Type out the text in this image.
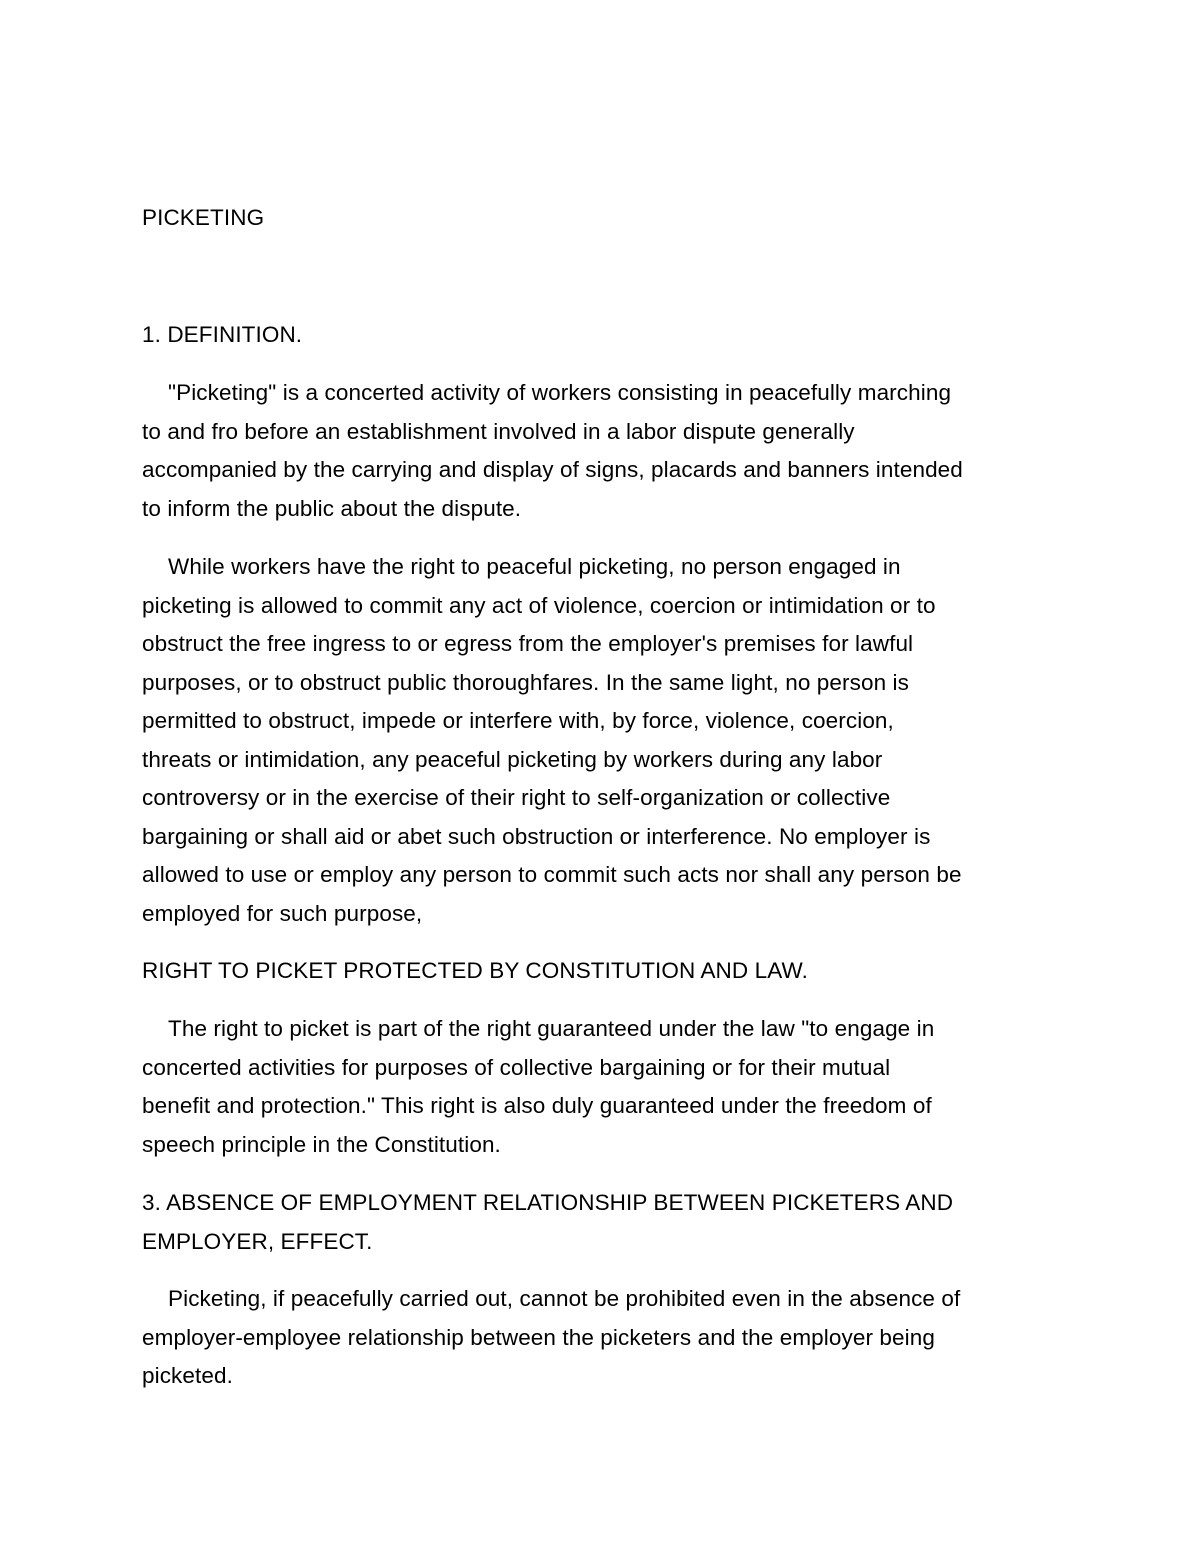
PICKETING
1. DEFINITION.
"Picketing" is a concerted activity of workers consisting in peacefully marching
to and fro before an establishment involved in a labor dispute generally
accompanied by the carrying and display of signs, placards and banners intended
to inform the public about the dispute.
While workers have the right to peaceful picketing, no person engaged in
picketing is allowed to commit any act of violence, coercion or intimidation or to
obstruct the free ingress to or egress from the employer's premises for lawful
purposes, or to obstruct public thoroughfares. In the same light, no person is
permitted to obstruct, impede or interfere with, by force, violence, coercion,
threats or intimidation, any peaceful picketing by workers during any labor
controversy or in the exercise of their right to self-organization or collective
bargaining or shall aid or abet such obstruction or interference. No employer is
allowed to use or employ any person to commit such acts nor shall any person be
employed for such purpose,
RIGHT TO PICKET PROTECTED BY CONSTITUTION AND LAW.
The right to picket is part of the right guaranteed under the law "to engage in
concerted activities for purposes of collective bargaining or for their mutual
benefit and protection." This right is also duly guaranteed under the freedom of
speech principle in the Constitution.
3. ABSENCE OF EMPLOYMENT RELATIONSHIP BETWEEN PICKETERS AND
EMPLOYER, EFFECT.
Picketing, if peacefully carried out, cannot be prohibited even in the absence of
employer-employee relationship between the picketers and the employer being
picketed.
